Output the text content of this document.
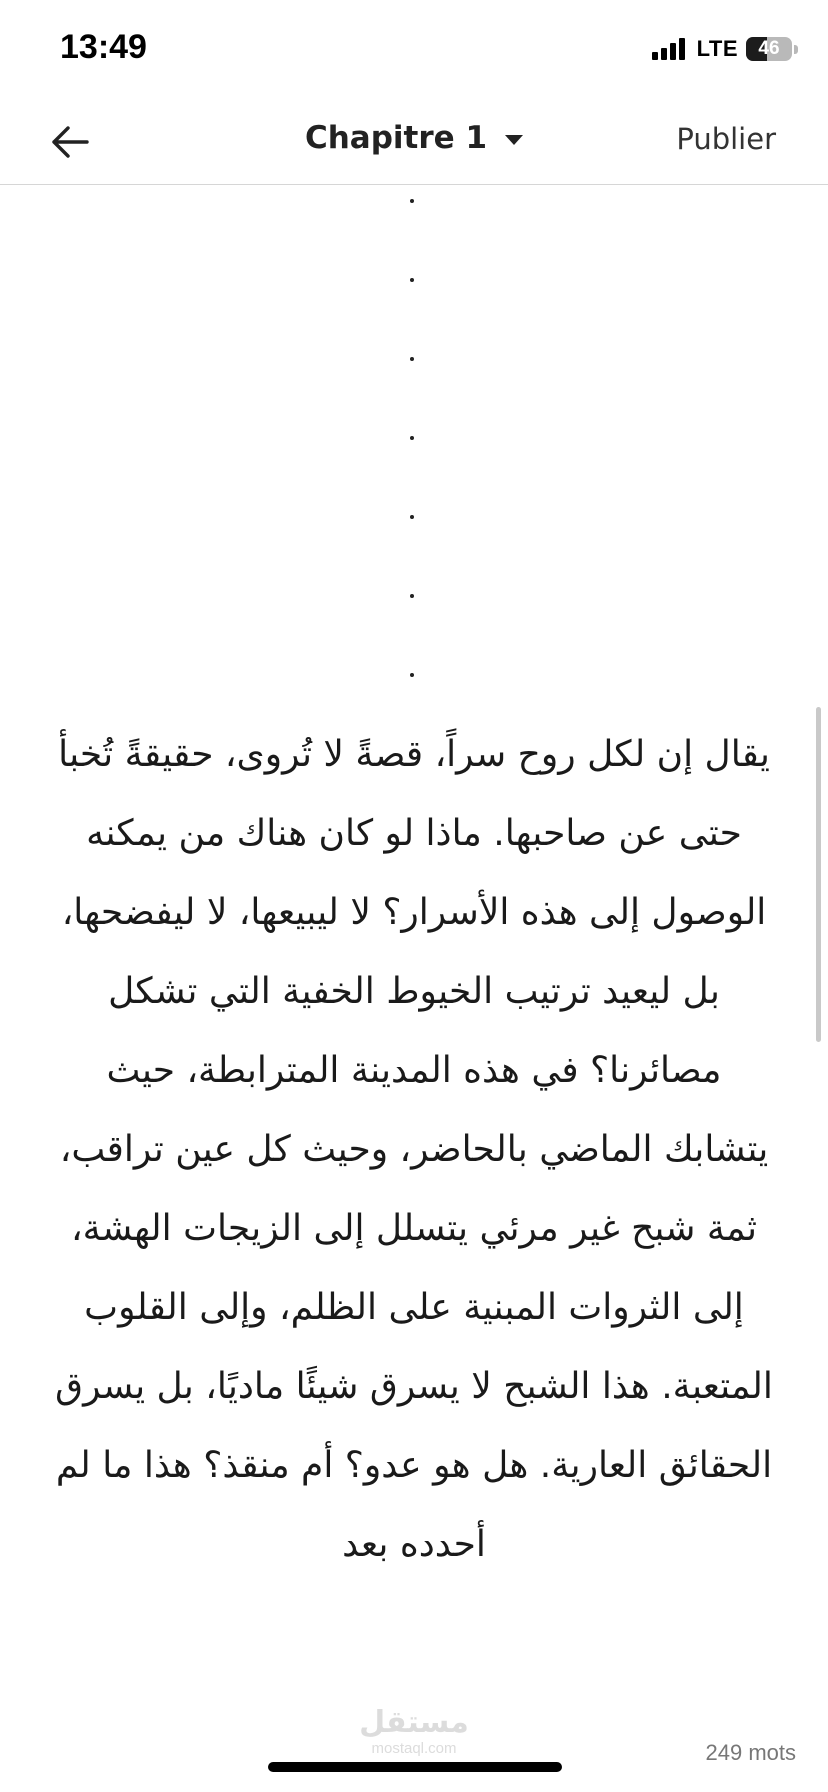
13:49	LTE 46
Chapitre 1	Publier
يقال إن لكل روح سراً، قصةً لا تُروى، حقيقةً تُخبأ حتى عن صاحبها. ماذا لو كان هناك من يمكنه الوصول إلى هذه الأسرار؟ لا ليبيعها، لا ليفضحها، بل ليعيد ترتيب الخيوط الخفية التي تشكل مصائرنا؟ في هذه المدينة المترابطة، حيث يتشابك الماضي بالحاضر، وحيث كل عين تراقب، ثمة شبح غير مرئي يتسلل إلى الزيجات الهشة، إلى الثروات المبنية على الظلم، وإلى القلوب المتعبة. هذا الشبح لا يسرق شيئًا ماديًا، بل يسرق الحقائق العارية. هل هو عدو؟ أم منقذ؟ هذا ما لم أحدده بعد
مستقل
mostaql.com	249 mots
